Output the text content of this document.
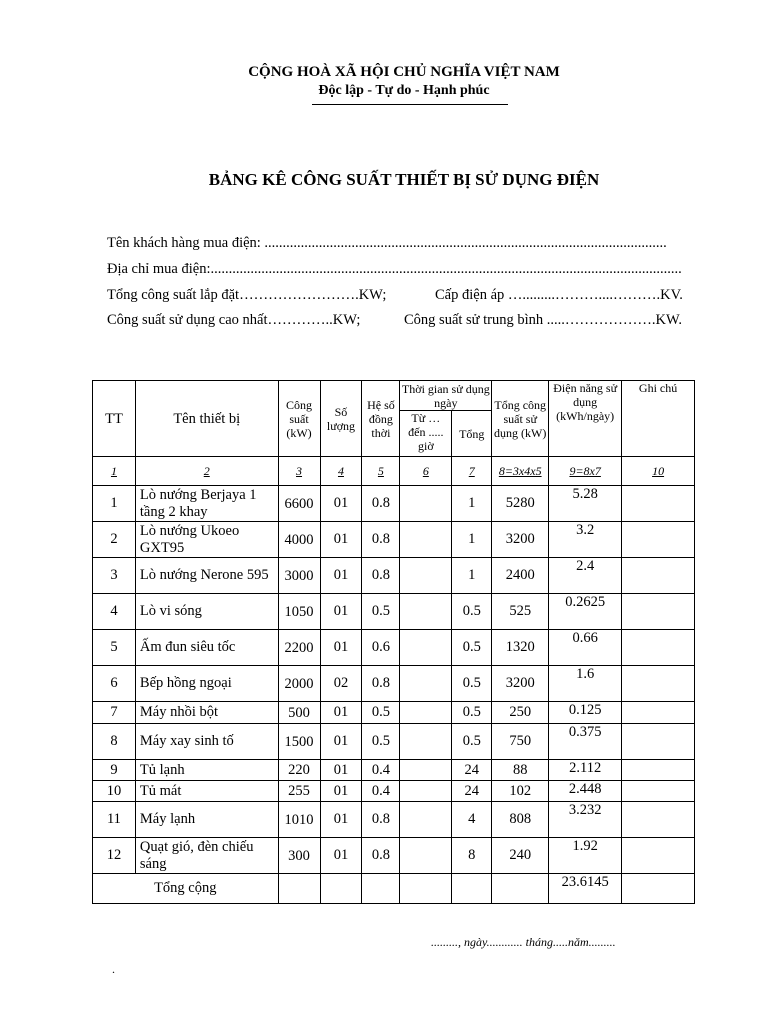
CỘNG HOÀ XÃ HỘI CHỦ NGHĨA VIỆT NAM
Độc lập - Tự do - Hạnh phúc
BẢNG KÊ CÔNG SUẤT THIẾT BỊ SỬ DỤNG ĐIỆN
Tên khách hàng mua điện: ...............................................................................................................
Địa chỉ mua điện:..................................................................................................................................
Tổng công suất lắp đặt…………………….KW;	Cấp điện áp ….........………....……….KV.
Công suất sử dụng cao nhất…………..KW;	Công suất sử trung bình .....……………….KW.
TT	Tên thiết bị	Công suất (kW)	Số lượng	Hệ số đồng thời	Thời gian sử dụng ngày		Tổng công suất sử dụng (kW)	Điện năng sử dụng (kWh/ngày)	Ghi chú
					Từ … đến ..... giờ	Tổng			
1	2	3	4	5	6	7	8=3x4x5	9=8x7	10
1	Lò nướng Berjaya 1 tầng 2 khay	6600	01	0.8		1	5280	5.28	
2	Lò nướng Ukoeo GXT95	4000	01	0.8		1	3200	3.2	
3	Lò nướng Nerone 595	3000	01	0.8		1	2400	2.4	
4	Lò vi sóng	1050	01	0.5		0.5	525	0.2625	
5	Ấm đun siêu tốc	2200	01	0.6		0.5	1320	0.66	
6	Bếp hồng ngoại	2000	02	0.8		0.5	3200	1.6	
7	Máy nhồi bột	500	01	0.5		0.5	250	0.125	
8	Máy xay sinh tố	1500	01	0.5		0.5	750	0.375	
9	Tủ lạnh	220	01	0.4		24	88	2.112	
10	Tủ mát	255	01	0.4		24	102	2.448	
11	Máy lạnh	1010	01	0.8		4	808	3.232	
12	Quạt gió, đèn chiếu sáng	300	01	0.8		8	240	1.92	
Tổng cộng								23.6145	
........., ngày............ tháng.....năm.........
.
